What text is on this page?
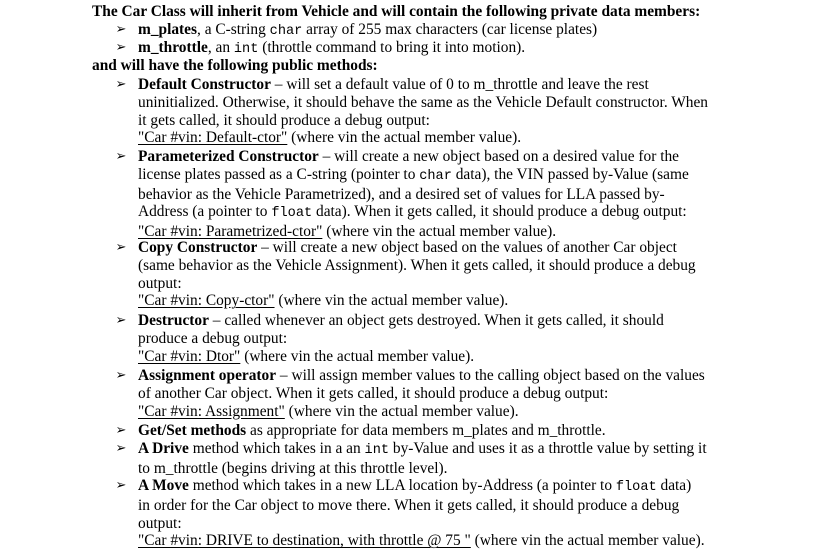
The Car Class will inherit from Vehicle and will contain the following private data members:
➢ m_plates, a C-string char array of 255 max characters (car license plates)
➢ m_throttle, an int (throttle command to bring it into motion).
and will have the following public methods:
➢ Default Constructor – will set a default value of 0 to m_throttle and leave the rest
uninitialized. Otherwise, it should behave the same as the Vehicle Default constructor. When
it gets called, it should produce a debug output:
"Car #vin: Default-ctor" (where vin the actual member value).
➢ Parameterized Constructor – will create a new object based on a desired value for the
license plates passed as a C-string (pointer to char data), the VIN passed by-Value (same
behavior as the Vehicle Parametrized), and a desired set of values for LLA passed by-
Address (a pointer to float data). When it gets called, it should produce a debug output:
"Car #vin: Parametrized-ctor" (where vin the actual member value).
➢ Copy Constructor – will create a new object based on the values of another Car object
(same behavior as the Vehicle Assignment). When it gets called, it should produce a debug
output:
"Car #vin: Copy-ctor" (where vin the actual member value).
➢ Destructor – called whenever an object gets destroyed. When it gets called, it should
produce a debug output:
"Car #vin: Dtor" (where vin the actual member value).
➢ Assignment operator – will assign member values to the calling object based on the values
of another Car object. When it gets called, it should produce a debug output:
"Car #vin: Assignment" (where vin the actual member value).
➢ Get/Set methods as appropriate for data members m_plates and m_throttle.
➢ A Drive method which takes in a an int by-Value and uses it as a throttle value by setting it
to m_throttle (begins driving at this throttle level).
➢ A Move method which takes in a new LLA location by-Address (a pointer to float data)
in order for the Car object to move there. When it gets called, it should produce a debug
output:
"Car #vin: DRIVE to destination, with throttle @ 75 " (where vin the actual member value).
